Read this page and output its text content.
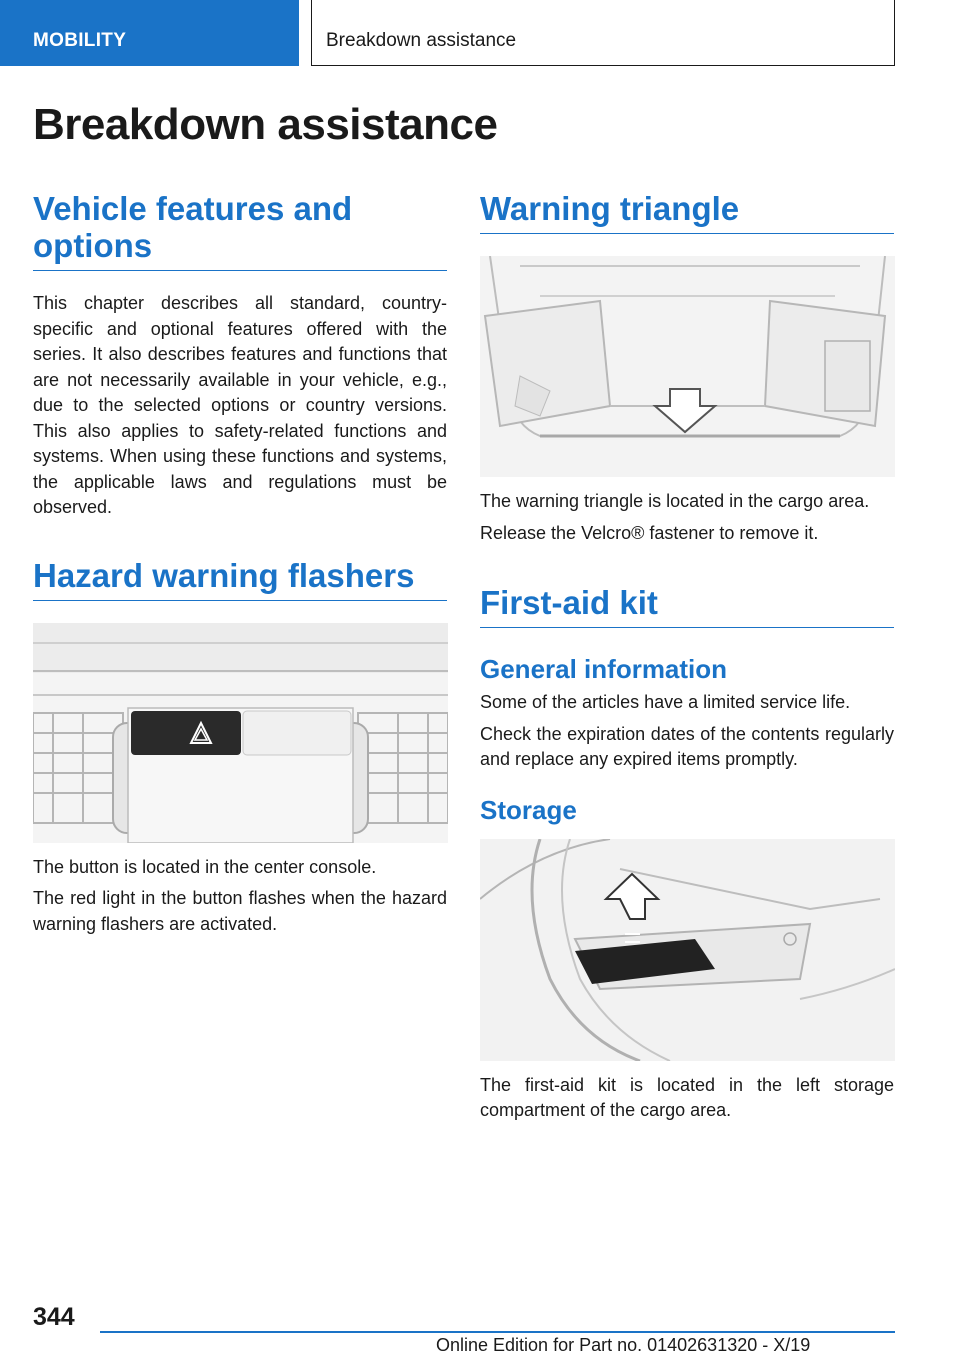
MOBILITY	Breakdown assistance
Breakdown assistance
Vehicle features and options

This chapter describes all standard, country-specific and optional features offered with the series. It also describes features and functions that are not necessarily available in your vehicle, e.g., due to the selected options or country versions. This also applies to safety-related functions and systems. When using these functions and systems, the applicable laws and regulations must be observed.

Hazard warning flashers

The button is located in the center console.

The red light in the button flashes when the hazard warning flashers are activated.

Warning triangle

The warning triangle is located in the cargo area.

Release the Velcro® fastener to remove it.

First-aid kit
General information

Some of the articles have a limited service life.

Check the expiration dates of the contents regularly and replace any expired items promptly.

Storage

The first-aid kit is located in the left storage compartment of the cargo area.

344
Online Edition for Part no. 01402631320 - X/19
